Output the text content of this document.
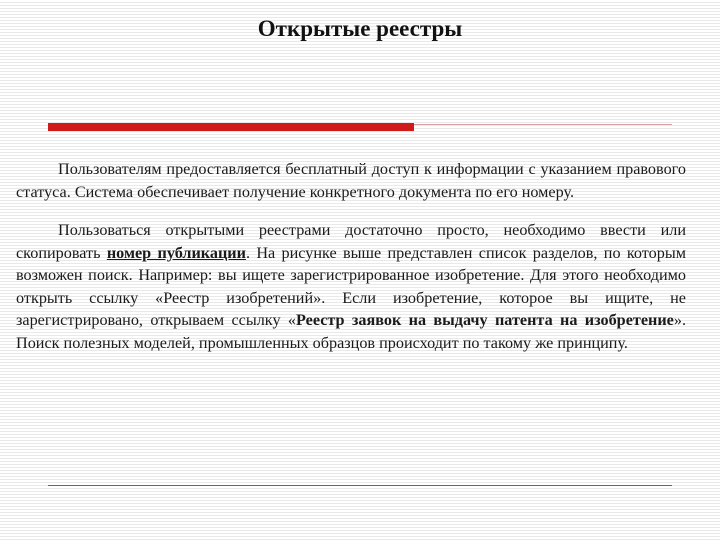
Открытые реестры

Пользователям предоставляется бесплатный доступ к информации с указанием правового статуса. Система обеспечивает получение конкретного документа по его номеру.

Пользоваться открытыми реестрами достаточно просто, необходимо ввести или скопировать номер публикации. На рисунке выше представлен список разделов, по которым возможен поиск. Например: вы ищете зарегистрированное изобретение. Для этого необходимо открыть ссылку «Реестр изобретений». Если изобретение, которое вы ищите, не зарегистрировано, открываем ссылку «Реестр заявок на выдачу патента на изобретение». Поиск полезных моделей, промышленных образцов происходит по такому же принципу.
